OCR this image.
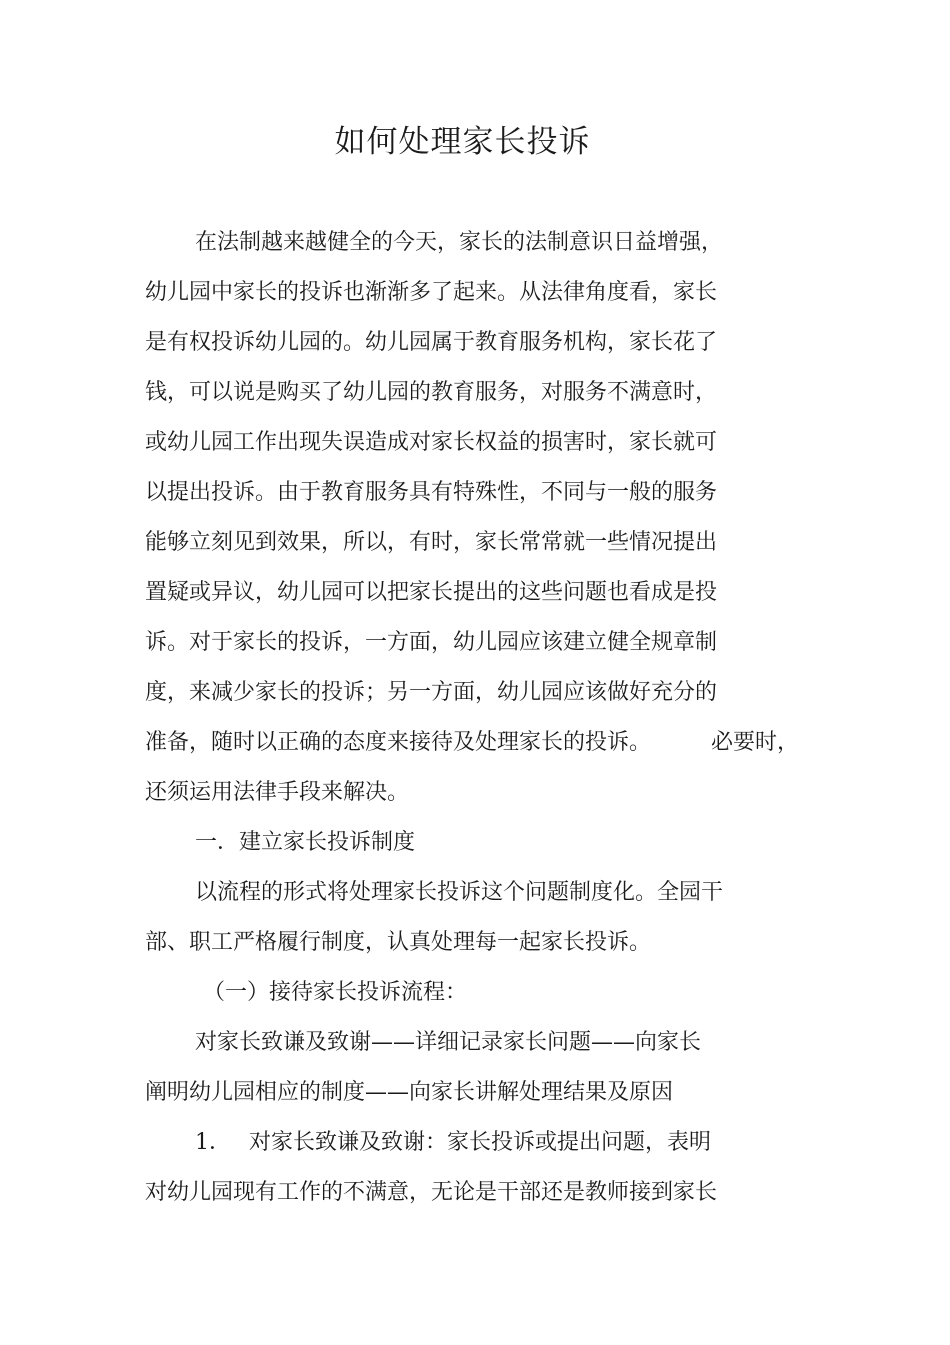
如何处理家长投诉
在法制越来越健全的今天，家长的法制意识日益增强，
幼儿园中家长的投诉也渐渐多了起来。从法律角度看，家长
是有权投诉幼儿园的。幼儿园属于教育服务机构，家长花了
钱，可以说是购买了幼儿园的教育服务，对服务不满意时，
或幼儿园工作出现失误造成对家长权益的损害时，家长就可
以提出投诉。由于教育服务具有特殊性，不同与一般的服务
能够立刻见到效果，所以，有时，家长常常就一些情况提出
置疑或异议，幼儿园可以把家长提出的这些问题也看成是投
诉。对于家长的投诉，一方面，幼儿园应该建立健全规章制
度，来减少家长的投诉；另一方面，幼儿园应该做好充分的
准备，随时以正确的态度来接待及处理家长的投诉。	必要时，
还须运用法律手段来解决。
一．建立家长投诉制度
以流程的形式将处理家长投诉这个问题制度化。全园干
部、职工严格履行制度，认真处理每一起家长投诉。
（一）接待家长投诉流程：
对家长致谦及致谢——详细记录家长问题——向家长
阐明幼儿园相应的制度——向家长讲解处理结果及原因
1． 对家长致谦及致谢：家长投诉或提出问题，表明
对幼儿园现有工作的不满意，无论是干部还是教师接到家长
